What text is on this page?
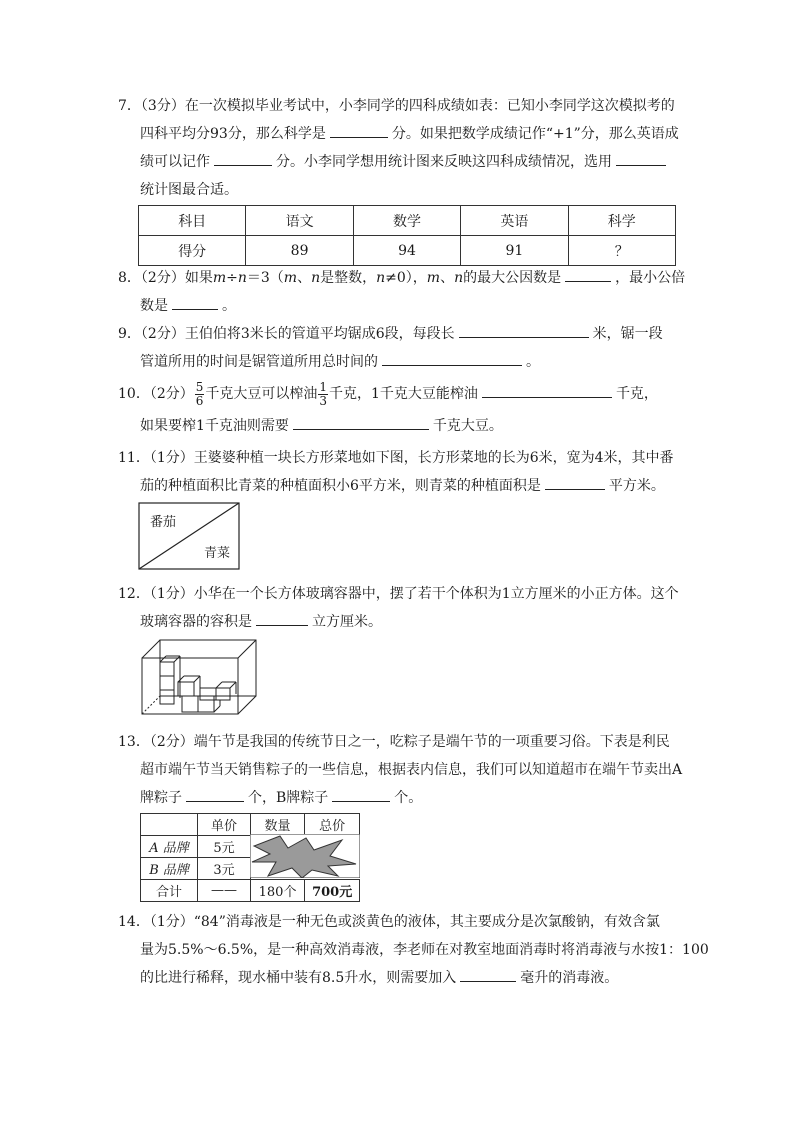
7．（3分）在一次模拟毕业考试中，小李同学的四科成绩如表：已知小李同学这次模拟考的
四科平均分93分，那么科学是	分。如果把数学成绩记作“+1”分，那么英语成
绩可以记作	分。小李同学想用统计图来反映这四科成绩情况，选用
统计图最合适。
科目	语文	数学	英语	科学
得分	89	94	91	？
8．（2分）如果m÷n＝3（m、n是整数，n≠0），m、n的最大公因数是	，最小公倍
数是	。
9．（2分）王伯伯将3米长的管道平均锯成6段，每段长	米，锯一段
管道所用的时间是锯管道所用总时间的	。
10．（2分） $\frac{5}{6}$ 千克大豆可以榨油 $\frac{1}{3}$ 千克，1千克大豆能榨油	千克，
如果要榨1千克油则需要	千克大豆。
11．（1分）王婆婆种植一块长方形菜地如下图，长方形菜地的长为6米，宽为4米，其中番
茄的种植面积比青菜的种植面积小6平方米，则青菜的种植面积是	平方米。
番茄
青菜
12．（1分）小华在一个长方体玻璃容器中，摆了若干个体积为1立方厘米的小正方体。这个
玻璃容器的容积是	立方厘米。
13．（2分）端午节是我国的传统节日之一，吃粽子是端午节的一项重要习俗。下表是利民
超市端午节当天销售粽子的一些信息，根据表内信息，我们可以知道超市在端午节卖出A
牌粽子	个，B牌粽子	个。
	单价	数量	总价
A 品牌	5元		
B 品牌	3元		
合计	——	180个	700元
14．（1分）“84”消毒液是一种无色或淡黄色的液体，其主要成分是次氯酸钠，有效含氯
量为5.5%～6.5%，是一种高效消毒液，李老师在对教室地面消毒时将消毒液与水按1：100
的比进行稀释，现水桶中装有8.5升水，则需要加入	毫升的消毒液。
